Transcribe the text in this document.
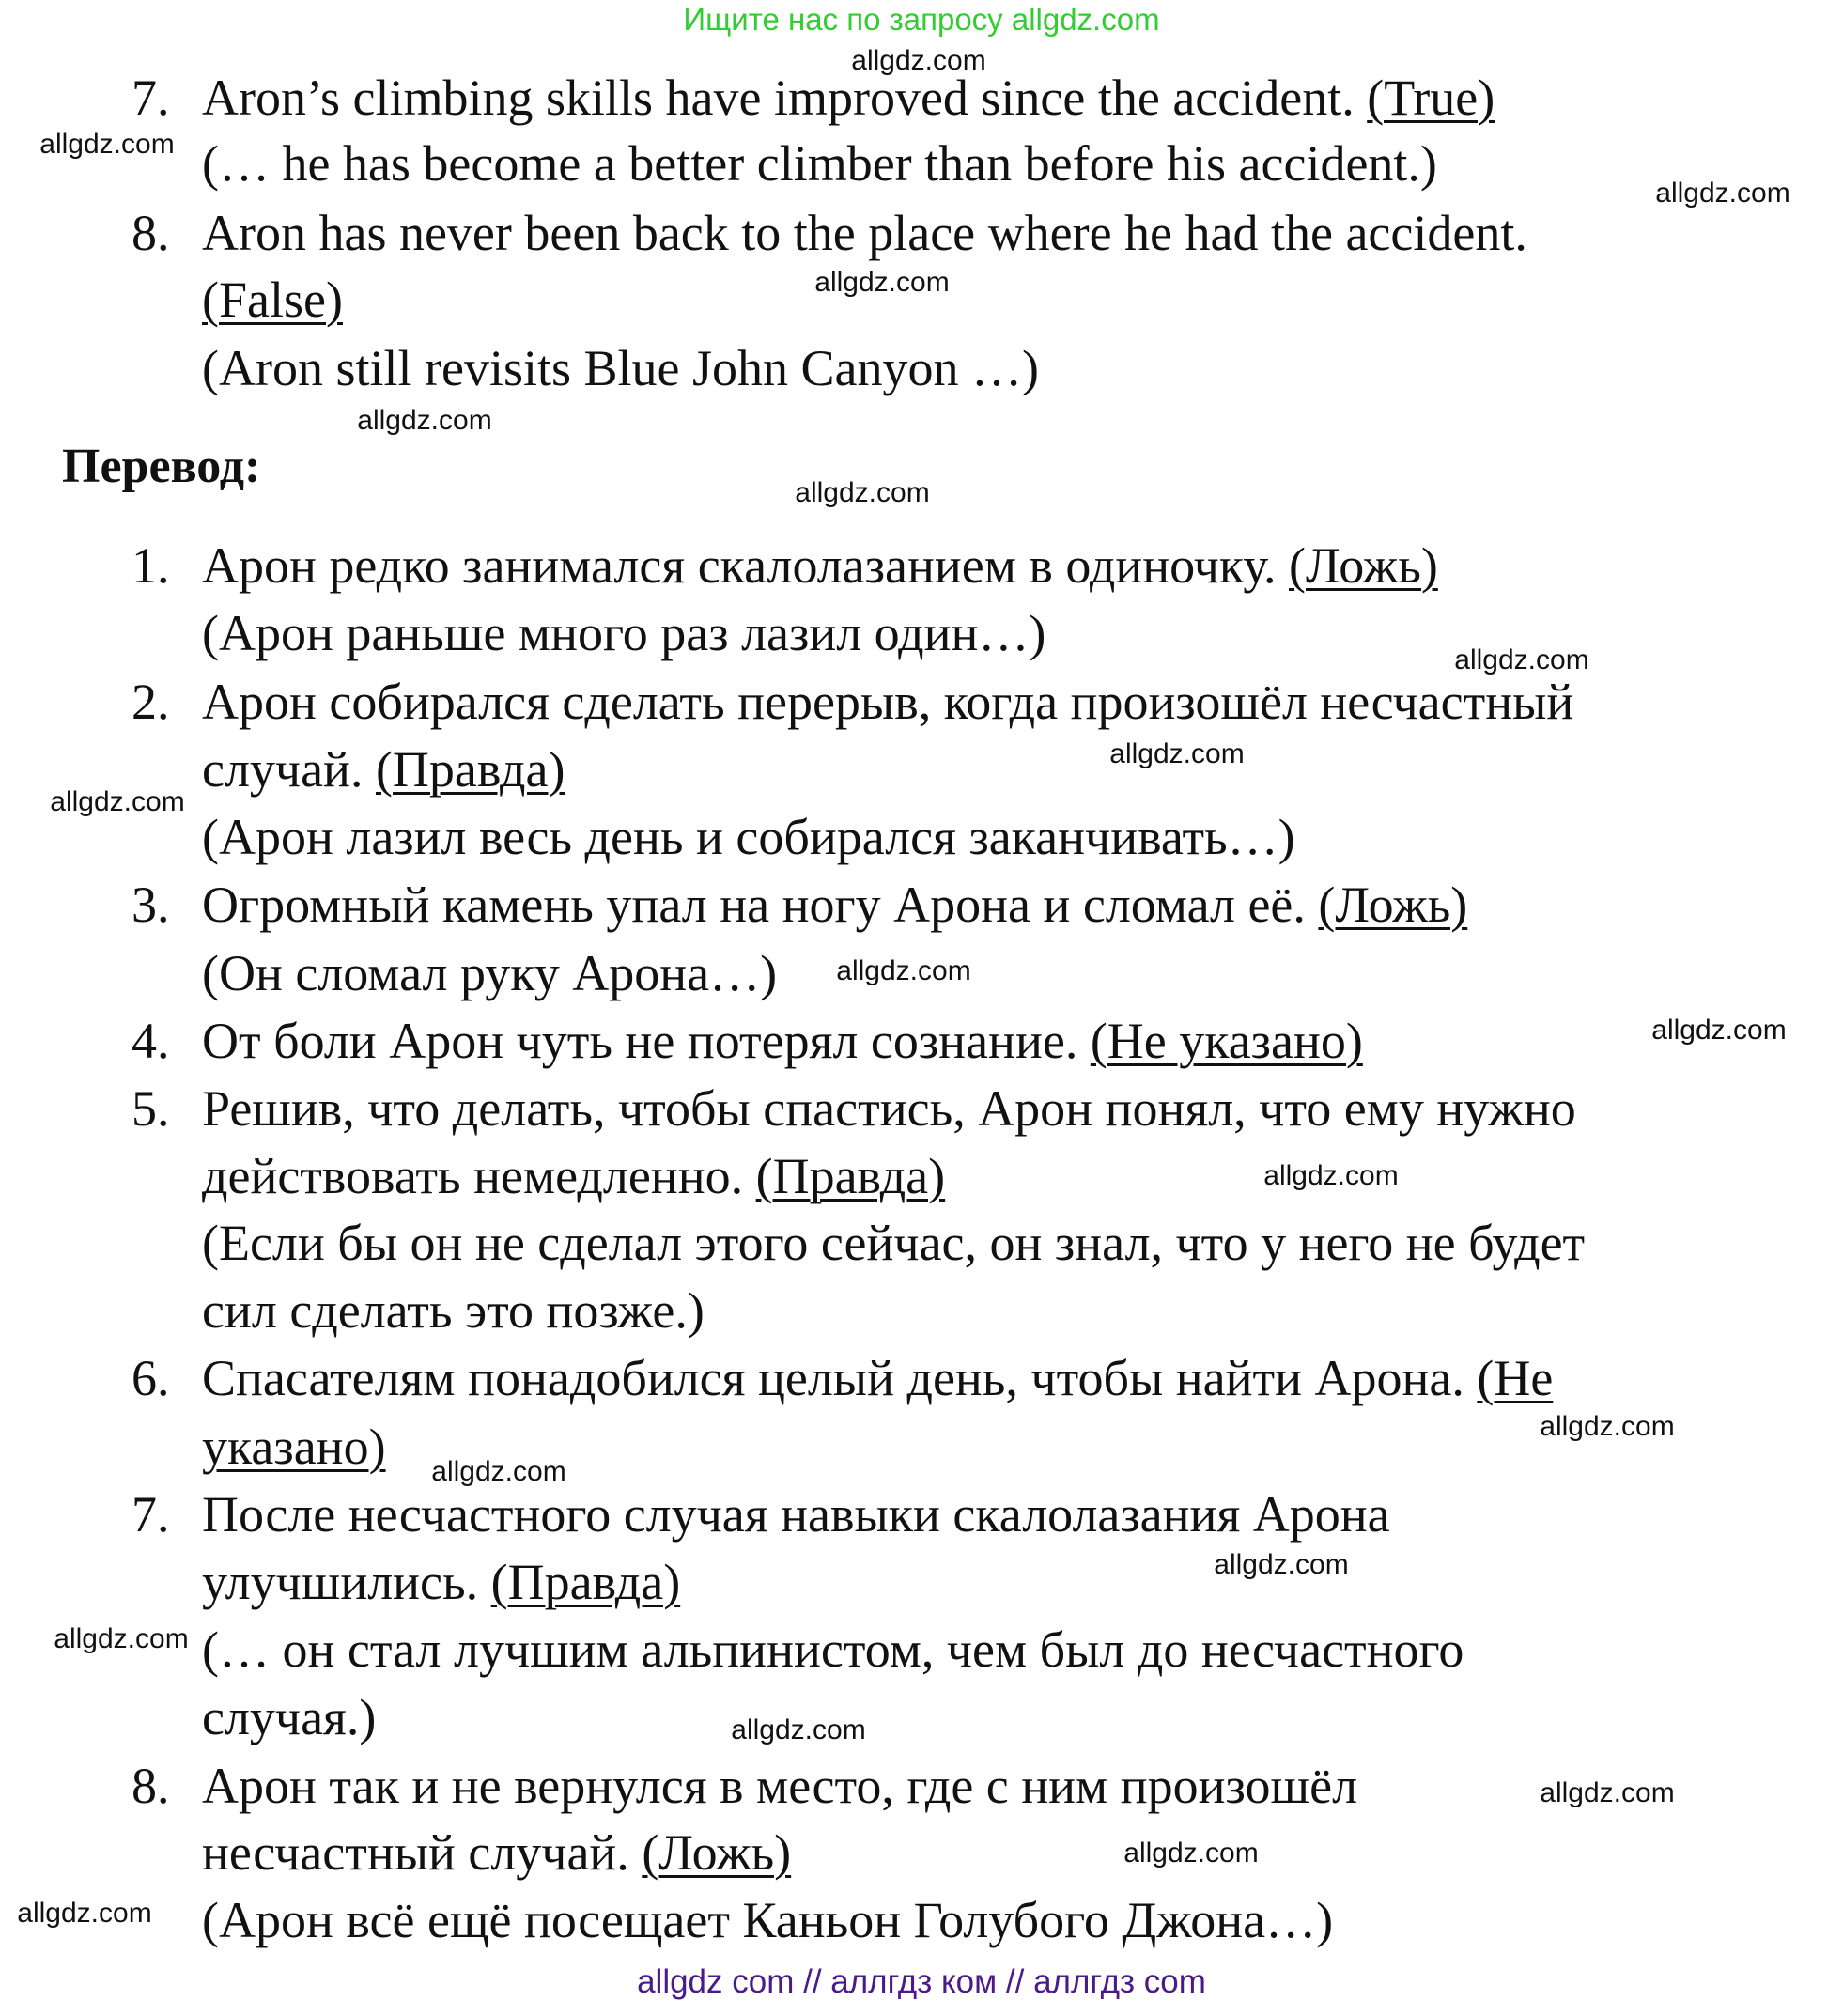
Ищите нас по запросу allgdz.com
7. Aron’s climbing skills have improved since the accident. (True)
(… he has become a better climber than before his accident.)
8. Aron has never been back to the place where he had the accident.
(False)
(Aron still revisits Blue John Canyon …)
Перевод:
1. Арон редко занимался скалолазанием в одиночку. (Ложь)
(Арон раньше много раз лазил один…)
2. Арон собирался сделать перерыв, когда произошёл несчастный
случай. (Правда)
(Арон лазил весь день и собирался заканчивать…)
3. Огромный камень упал на ногу Арона и сломал её. (Ложь)
(Он сломал руку Арона…)
4. От боли Арон чуть не потерял сознание. (Не указано)
5. Решив, что делать, чтобы спастись, Арон понял, что ему нужно
действовать немедленно. (Правда)
(Если бы он не сделал этого сейчас, он знал, что у него не будет
сил сделать это позже.)
6. Спасателям понадобился целый день, чтобы найти Арона. (Не
указано)
7. После несчастного случая навыки скалолазания Арона
улучшились. (Правда)
(… он стал лучшим альпинистом, чем был до несчастного
случая.)
8. Арон так и не вернулся в место, где с ним произошёл
несчастный случай. (Ложь)
(Арон всё ещё посещает Каньон Голубого Джона…)
allgdz.com
allgdz.com
allgdz.com
allgdz.com
allgdz.com
allgdz.com
allgdz.com
allgdz.com
allgdz.com
allgdz.com
allgdz.com
allgdz.com
allgdz.com
allgdz.com
allgdz.com
allgdz.com
allgdz.com
allgdz.com
allgdz.com
allgdz.com
allgdz com // аллгдз ком // аллгдз com
